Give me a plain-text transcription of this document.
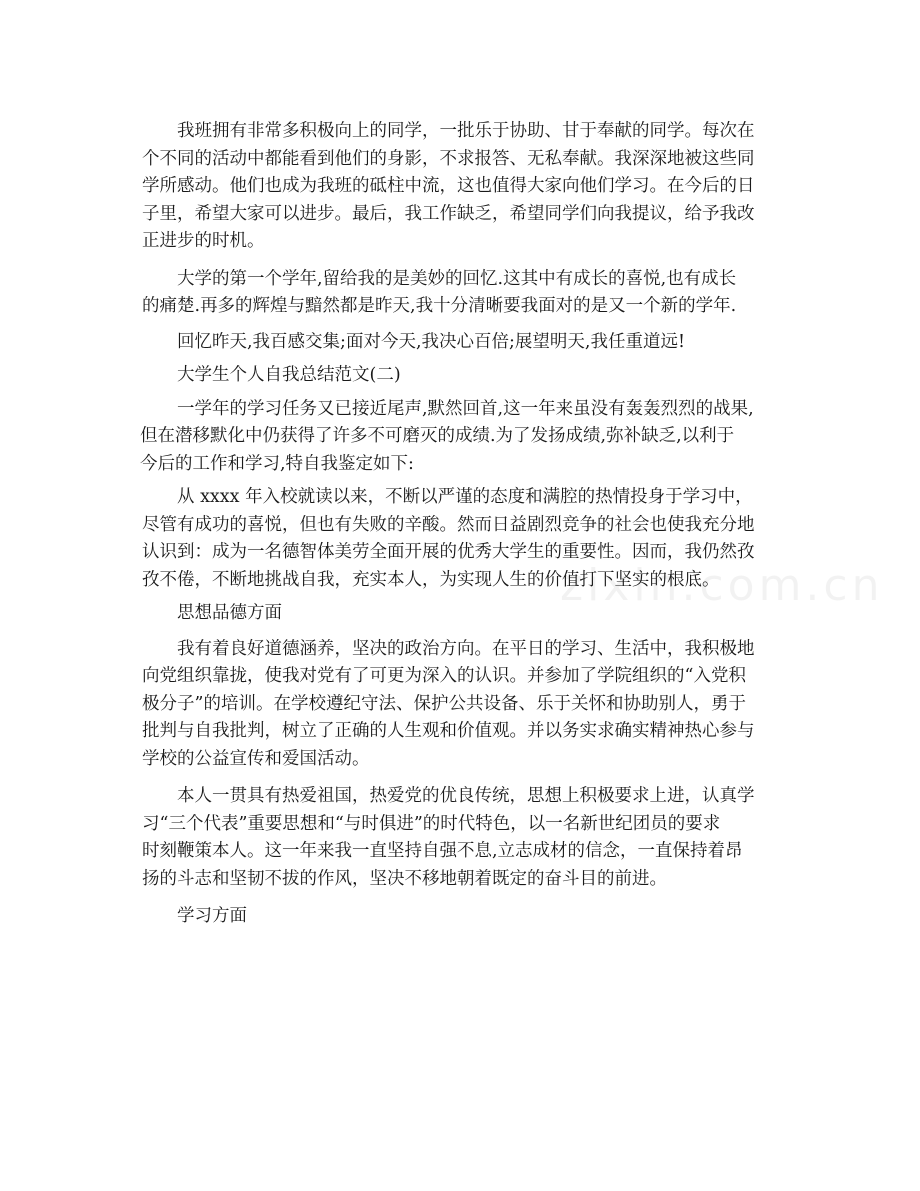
我班拥有非常多积极向上的同学，一批乐于协助、甘于奉献的同学。每次在

个不同的活动中都能看到他们的身影，不求报答、无私奉献。我深深地被这些同

学所感动。他们也成为我班的砥柱中流，这也值得大家向他们学习。在今后的日

子里，希望大家可以进步。最后，我工作缺乏，希望同学们向我提议，给予我改

正进步的时机。

大学的第一个学年,留给我的是美妙的回忆.这其中有成长的喜悦,也有成长

的痛楚.再多的辉煌与黯然都是昨天,我十分清晰要我面对的是又一个新的学年.

回忆昨天,我百感交集;面对今天,我决心百倍;展望明天,我任重道远!

大学生个人自我总结范文(二)

一学年的学习任务又已接近尾声,默然回首,这一年来虽没有轰轰烈烈的战果,

但在潜移默化中仍获得了许多不可磨灭的成绩.为了发扬成绩,弥补缺乏,以利于

今后的工作和学习,特自我鉴定如下:

从 xxxx 年入校就读以来，不断以严谨的态度和满腔的热情投身于学习中，

尽管有成功的喜悦，但也有失败的辛酸。然而日益剧烈竞争的社会也使我充分地

认识到：成为一名德智体美劳全面开展的优秀大学生的重要性。因而，我仍然孜

孜不倦，不断地挑战自我，充实本人，为实现人生的价值打下坚实的根底。

思想品德方面

我有着良好道德涵养，坚决的政治方向。在平日的学习、生活中，我积极地

向党组织靠拢，使我对党有了可更为深入的认识。并参加了学院组织的“入党积

极分子”的培训。在学校遵纪守法、保护公共设备、乐于关怀和协助别人，勇于

批判与自我批判，树立了正确的人生观和价值观。并以务实求确实精神热心参与

学校的公益宣传和爱国活动。

本人一贯具有热爱祖国，热爱党的优良传统，思想上积极要求上进，认真学

习“三个代表”重要思想和“与时俱进”的时代特色，以一名新世纪团员的要求

时刻鞭策本人。这一年来我一直坚持自强不息,立志成材的信念，一直保持着昂

扬的斗志和坚韧不拔的作风，坚决不移地朝着既定的奋斗目的前进。

学习方面

zixin.com.cn
